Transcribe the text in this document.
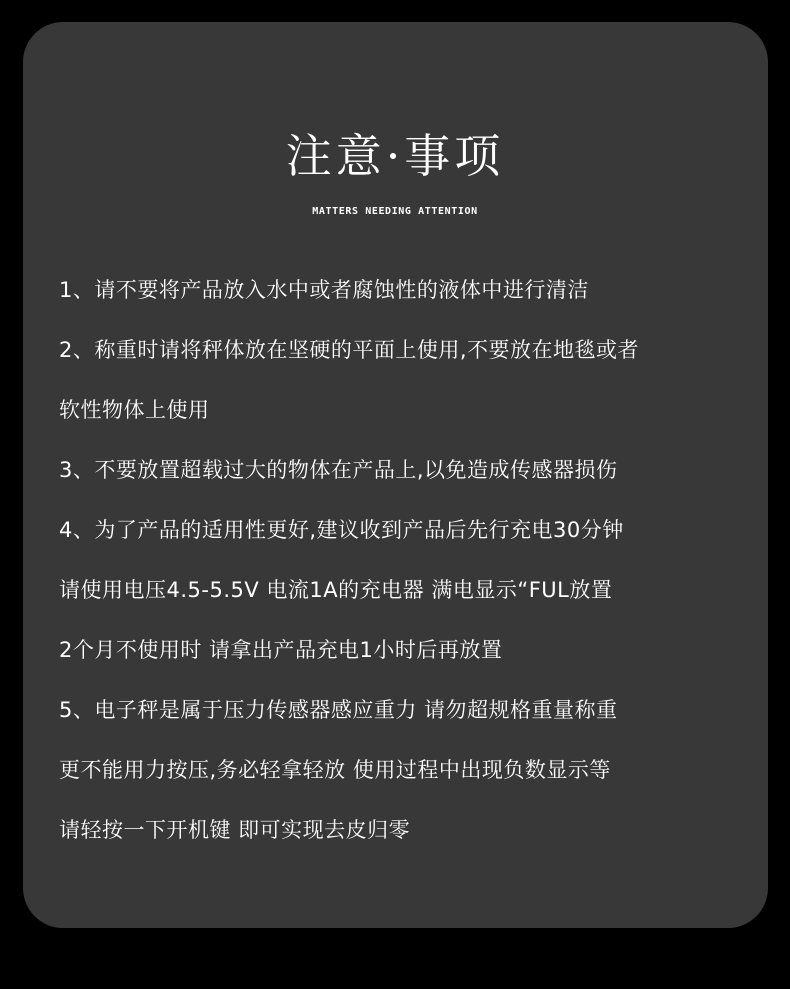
注意·事项

MATTERS NEEDING ATTENTION

1、请不要将产品放入水中或者腐蚀性的液体中进行清洁
2、称重时请将秤体放在坚硬的平面上使用,不要放在地毯或者
软性物体上使用
3、不要放置超载过大的物体在产品上,以免造成传感器损伤
4、为了产品的适用性更好,建议收到产品后先行充电30分钟
请使用电压4.5-5.5V 电流1A的充电器 满电显示“FUL放置
2个月不使用时 请拿出产品充电1小时后再放置
5、电子秤是属于压力传感器感应重力 请勿超规格重量称重
更不能用力按压,务必轻拿轻放 使用过程中出现负数显示等
请轻按一下开机键 即可实现去皮归零
